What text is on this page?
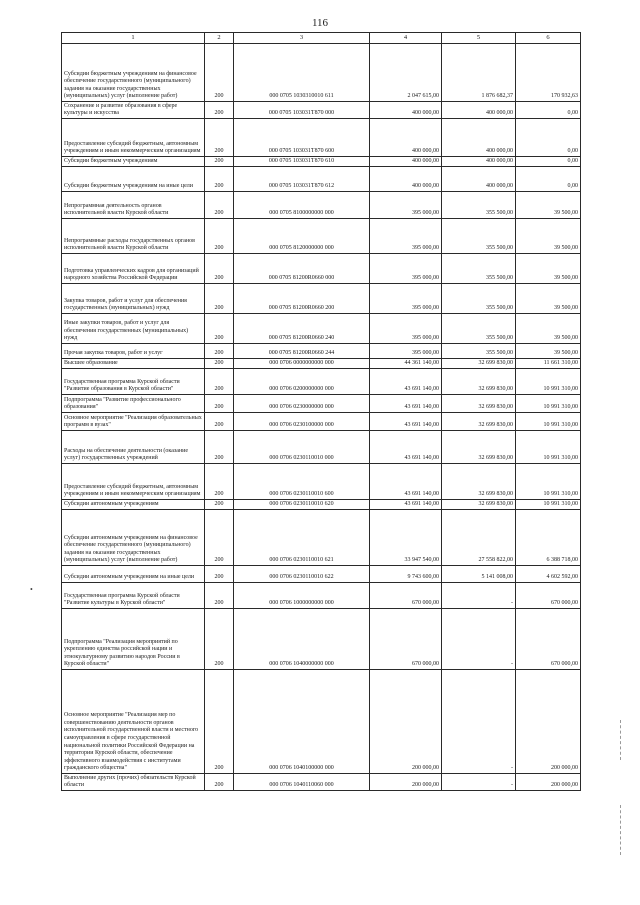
116
1	2	3	4	5	6
Субсидии бюджетным учреждениям на финансовое обеспечение государственного (муниципального) задания на оказание государственных (муниципальных) услуг (выполнение работ)	200	000 0705 1030310010 611	2 047 615,00	1 876 682,37	170 932,63
Сохранение и развитие образования в сфере культуры и искусства	200	000 0705 103031Т870 000	400 000,00	400 000,00	0,00
Предоставление субсидий бюджетным, автономным учреждениям и иным некоммерческим организациям	200	000 0705 103031Т870 600	400 000,00	400 000,00	0,00
Субсидии бюджетным учреждениям	200	000 0705 103031Т870 610	400 000,00	400 000,00	0,00
Субсидии бюджетным учреждениям на иные цели	200	000 0705 103031Т870 612	400 000,00	400 000,00	0,00
Непрограммная деятельность органов исполнительной власти Курской области	200	000 0705 8100000000 000	395 000,00	355 500,00	39 500,00
Непрограммные расходы государственных органов исполнительной власти Курской области	200	000 0705 8120000000 000	395 000,00	355 500,00	39 500,00
Подготовка управленческих кадров для организаций народного хозяйства Российской Федерации	200	000 0705 81200R0660 000	395 000,00	355 500,00	39 500,00
Закупка товаров, работ и услуг для обеспечения государственных (муниципальных) нужд	200	000 0705 81200R0660 200	395 000,00	355 500,00	39 500,00
Иные закупки товаров, работ и услуг для обеспечения государственных (муниципальных) нужд	200	000 0705 81200R0660 240	395 000,00	355 500,00	39 500,00
Прочая закупка товаров, работ и услуг	200	000 0705 81200R0660 244	395 000,00	355 500,00	39 500,00
Высшее образование	200	000 0706 0000000000 000	44 361 140,00	32 699 830,00	11 661 310,00
Государственная программа Курской области "Развитие образования в Курской области"	200	000 0706 0200000000 000	43 691 140,00	32 699 830,00	10 991 310,00
Подпрограмма "Развитие профессионального образования"	200	000 0706 0230000000 000	43 691 140,00	32 699 830,00	10 991 310,00
Основное мероприятие "Реализация образовательных программ в вузах"	200	000 0706 0230100000 000	43 691 140,00	32 699 830,00	10 991 310,00
Расходы на обеспечение деятельности (оказание услуг) государственных учреждений	200	000 0706 0230110010 000	43 691 140,00	32 699 830,00	10 991 310,00
Предоставление субсидий бюджетным, автономным учреждениям и иным некоммерческим организациям	200	000 0706 0230110010 600	43 691 140,00	32 699 830,00	10 991 310,00
Субсидии автономным учреждениям	200	000 0706 0230110010 620	43 691 140,00	32 699 830,00	10 991 310,00
Субсидии автономным учреждениям на финансовое обеспечение государственного (муниципального) задания на оказание государственных (муниципальных) услуг (выполнение работ)	200	000 0706 0230110010 621	33 947 540,00	27 558 822,00	6 388 718,00
Субсидии автономным учреждениям на иные цели	200	000 0706 0230110010 622	9 743 600,00	5 141 008,00	4 602 592,00
Государственная программа Курской области "Развитие культуры в Курской области"	200	000 0706 1000000000 000	670 000,00	-	670 000,00
Подпрограмма "Реализация мероприятий по укреплению единства российской нации и этнокультурному развитию народов России в Курской области"	200	000 0706 1040000000 000	670 000,00	-	670 000,00
Основное мероприятие "Реализация мер по совершенствованию деятельности органов исполнительной государственной власти и местного самоуправления в сфере государственной национальной политики Российской Федерации на территории Курской области, обеспечение эффективного взаимодействия с институтами гражданского общества"	200	000 0706 1040100000 000	200 000,00	-	200 000,00
Выполнение других (прочих) обязательств Курской области	200	000 0706 1040110060 000	200 000,00	-	200 000,00
•
